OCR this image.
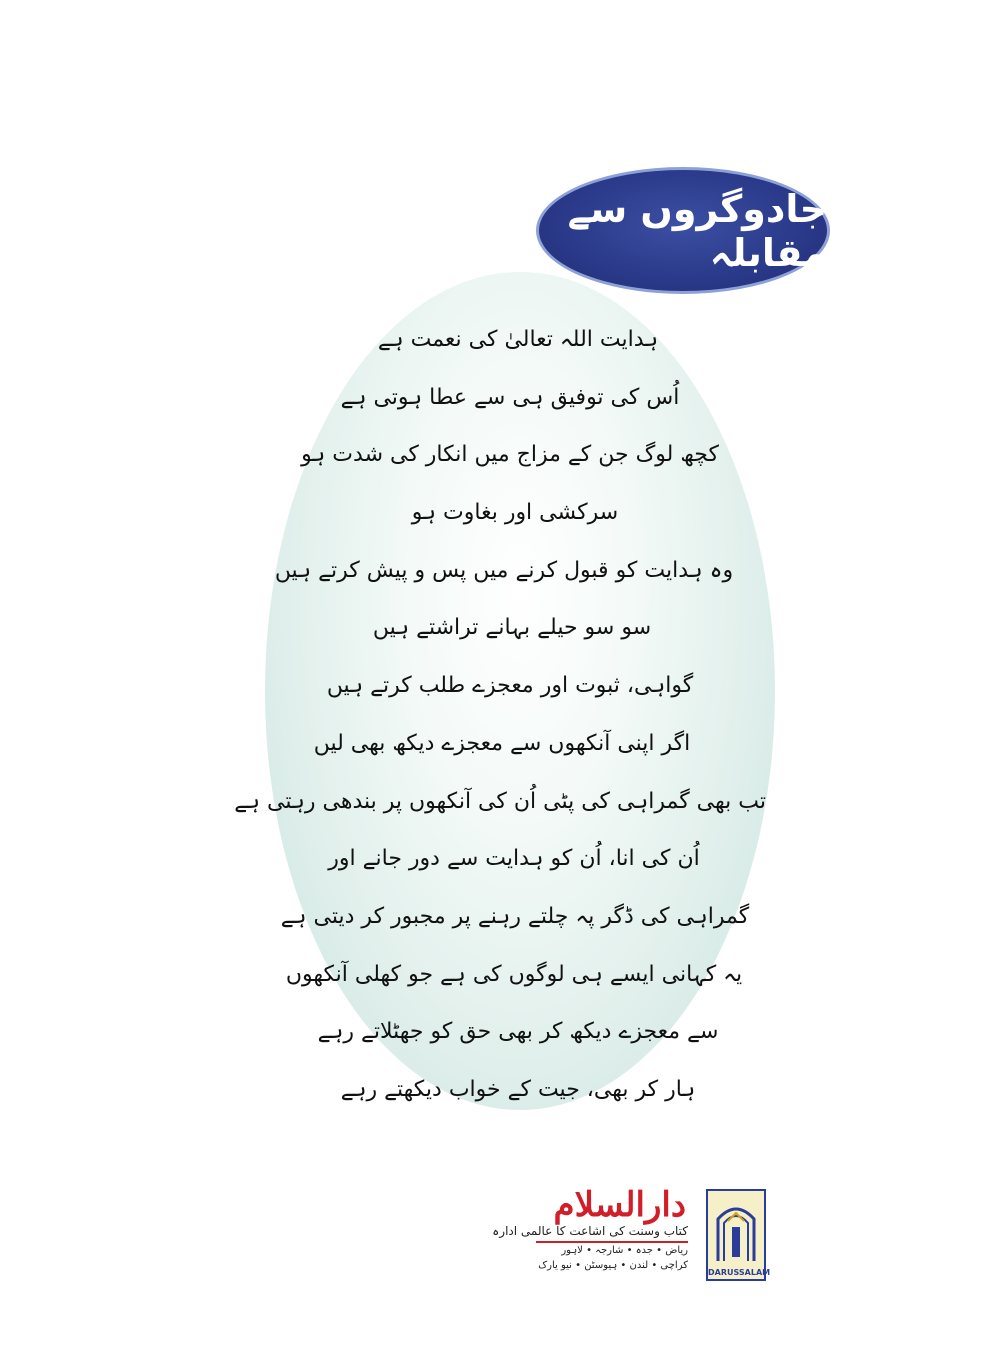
جادوگروں سے مقابلہ
ہدایت اللہ تعالیٰ کی نعمت ہے
اُس کی توفیق ہی سے عطا ہوتی ہے
کچھ لوگ جن کے مزاج میں انکار کی شدت ہو
سرکشی اور بغاوت ہو
وہ ہدایت کو قبول کرنے میں پس و پیش کرتے ہیں
سو سو حیلے بہانے تراشتے ہیں
گواہی، ثبوت اور معجزے طلب کرتے ہیں
اگر اپنی آنکھوں سے معجزے دیکھ بھی لیں
تب بھی گمراہی کی پٹی اُن کی آنکھوں پر بندھی رہتی ہے
اُن کی انا، اُن کو ہدایت سے دور جانے اور
گمراہی کی ڈگر پہ چلتے رہنے پر مجبور کر دیتی ہے
یہ کہانی ایسے ہی لوگوں کی ہے جو کھلی آنکھوں
سے معجزے دیکھ کر بھی حق کو جھٹلاتے رہے
ہار کر بھی، جیت کے خواب دیکھتے رہے
دارالسلام
کتاب وسنت کی اشاعت کا عالمی ادارہ
ریاض • جدہ • شارجہ • لاہور
کراچی • لندن • ہیوسٹن • نیو یارک
DARUSSALAM
